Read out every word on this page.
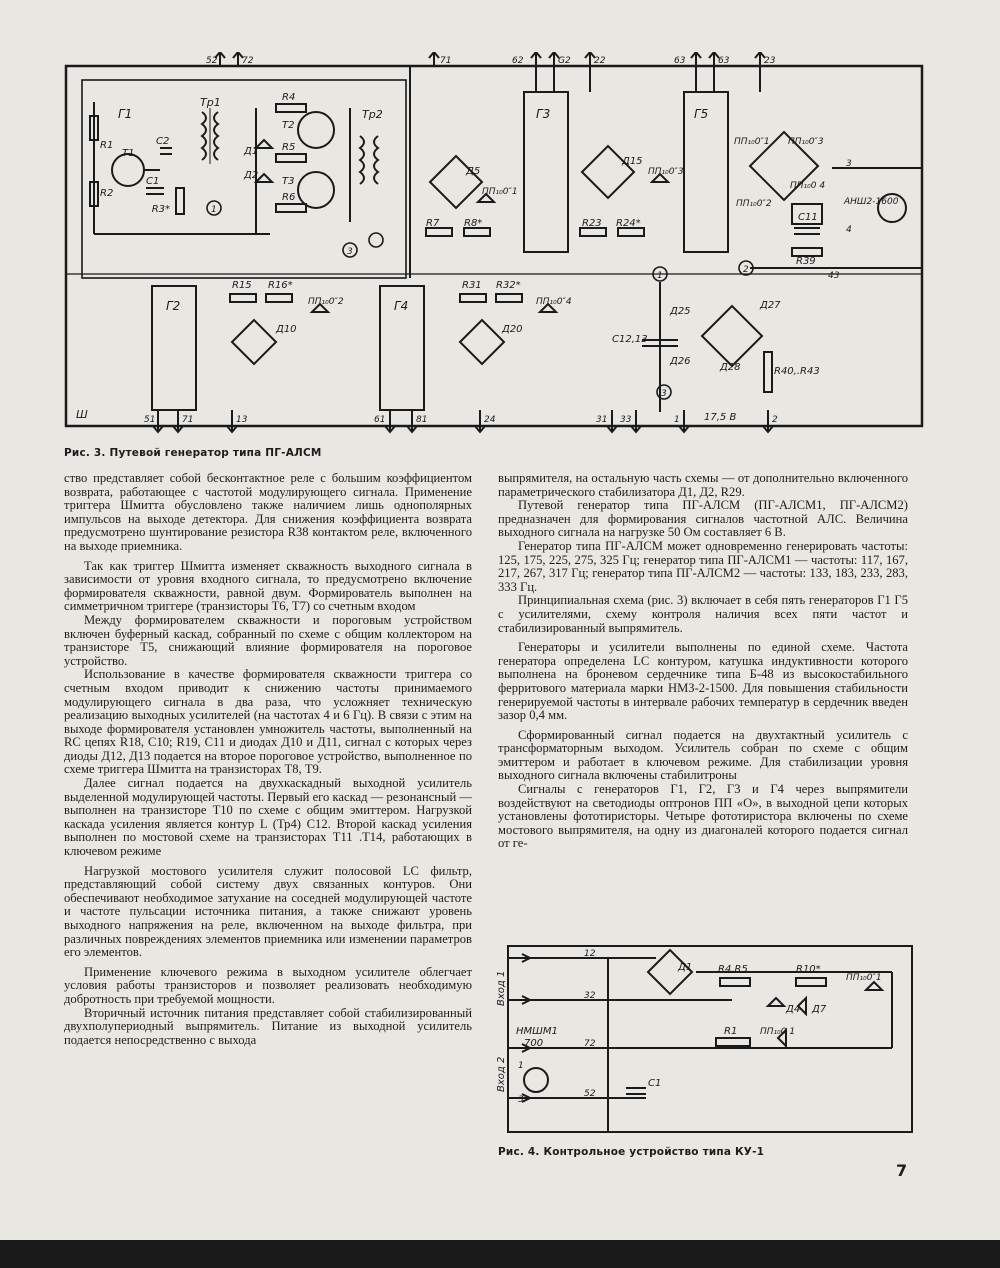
52	72	71	62	G2	22	63	63	23
Г1
Тр1	R4
Т2
R5
Т3
R6
Д1
Д2
Тр2
R1
Т1
R2
С1
С2
R3*	1
Д5
ПП₁₀0″1
R7 R8*
Г3
Д15
ПП₁₀0″3
R23 R24*
Г5
ПП₁₀0″1 ПП₁₀0″3
ПП₁₀0 4
ПП₁₀0″2
С11
R39
АНШ2-1600
3
4
43
2
3
Г2
R15 R16*
Д10
ПП₁₀0″2	Г4
R31 R32*
Д20
ПП₁₀0″4
1
Д25
С12,13
Д26
3
Д27
Д28	R40,.R43
17,5 В
Ш	51	71	13	61	81	24	31 33	1	2
Рис. 3. Путевой генератор типа ПГ-АЛСМ

ство представляет собой бесконтактное реле с большим коэффициентом возврата, работающее с частотой модулирующего сигнала. Применение триггера Шмитта обусловлено также наличием лишь однополярных импульсов на выходе детектора. Для снижения коэффициента возврата предусмотрено шунтирование резистора R38 контактом реле, включенного на выходе приемника.

Так как триггер Шмитта изменяет скважность выходного сигнала в зависимости от уровня входного сигнала, то предусмотрено включение формирователя скважности, равной двум. Формирователь выполнен на симметричном триггере (транзисторы Т6, Т7) со счетным входом

Между формирователем скважности и пороговым устройством включен буферный каскад, собранный по схеме с общим коллектором на транзисторе Т5, снижающий влияние формирователя на пороговое устройство.

Использование в качестве формирователя скважности триггера со счетным входом приводит к снижению частоты принимаемого модулирующего сигнала в два раза, что усложняет техническую реализацию выходных усилителей (на частотах 4 и 6 Гц). В связи с этим на выходе формирователя установлен умножитель частоты, выполненный на RC цепях R18, С10; R19, С11 и диодах Д10 и Д11, сигнал с которых через диоды Д12, Д13 подается на второе пороговое устройство, выполненное по схеме триггера Шмитта на транзисторах Т8, Т9.

Далее сигнал подается на двухкаскадный выходной усилитель выделенной модулирующей частоты. Первый его каскад — резонансный — выполнен на транзисторе Т10 по схеме с общим эмиттером. Нагрузкой каскада усиления является контур L (Тр4) С12. Второй каскад усиления выполнен по мостовой схеме на транзисторах Т11 .Т14, работающих в ключевом режиме

Нагрузкой мостового усилителя служит полосовой LC фильтр, представляющий собой систему двух связанных контуров. Они обеспечивают необходимое затухание на соседней модулирующей частоте и частоте пульсации источника питания, а также снижают уровень выходного напряжения на реле, включенном на выходе фильтра, при различных повреждениях элементов приемника или изменении параметров его элементов.

Применение ключевого режима в выходном усилителе облегчает условия работы транзисторов и позволяет реализовать необходимую добротность при требуемой мощности.

Вторичный источник питания представляет собой стабилизированный двухполупериодный выпрямитель. Питание из выходной усилитель подается непосредственно с выхода

выпрямителя, на остальную часть схемы — от дополнительно включенного параметрического стабилизатора Д1, Д2, R29.

Путевой генератор типа ПГ-АЛСМ (ПГ-АЛСМ1, ПГ-АЛСМ2) предназначен для формирования сигналов частотной АЛС. Величина выходного сигнала на нагрузке 50 Ом составляет 6 В.

Генератор типа ПГ-АЛСМ может одновременно генерировать частоты: 125, 175, 225, 275, 325 Гц; генератор типа ПГ-АЛСМ1 — частоты: 117, 167, 217, 267, 317 Гц; генератор типа ПГ-АЛСМ2 — частоты: 133, 183, 233, 283, 333 Гц.

Принципиальная схема (рис. 3) включает в себя пять генераторов Г1 Г5 с усилителями, схему контроля наличия всех пяти частот и стабилизированный выпрямитель.

Генераторы и усилители выполнены по единой схеме. Частота генератора определена LC контуром, катушка индуктивности которого выполнена на броневом сердечнике типа Б-48 из высокостабильного ферритового материала марки НМЗ-2-1500. Для повышения стабильности генерируемой частоты в интервале рабочих температур в сердечник введен зазор 0,4 мм.

Сформированный сигнал подается на двухтактный усилитель с трансформаторным выходом. Усилитель собран по схеме с общим эмиттером и работает в ключевом режиме. Для стабилизации уровня выходного сигнала включены стабилитроны

Сигналы с генераторов Г1, Г2, Г3 и Г4 через выпрямители воздействуют на светодиоды оптронов ПП «О», в выходной цепи которых установлены фототиристоры. Четыре фототиристора включены по схеме мостового выпрямителя, на одну из диагоналей которого подается сигнал от ге-

Вход 1
Вход 2
12
32
72
52
Д1	R4,R5	R10*
ПП₁₀0″1
Д4 Д7
R1	ПП₁₀0 1
НМШМ1
700
С1
1
3
Рис. 4. Контрольное устройство типа КУ-1
7
